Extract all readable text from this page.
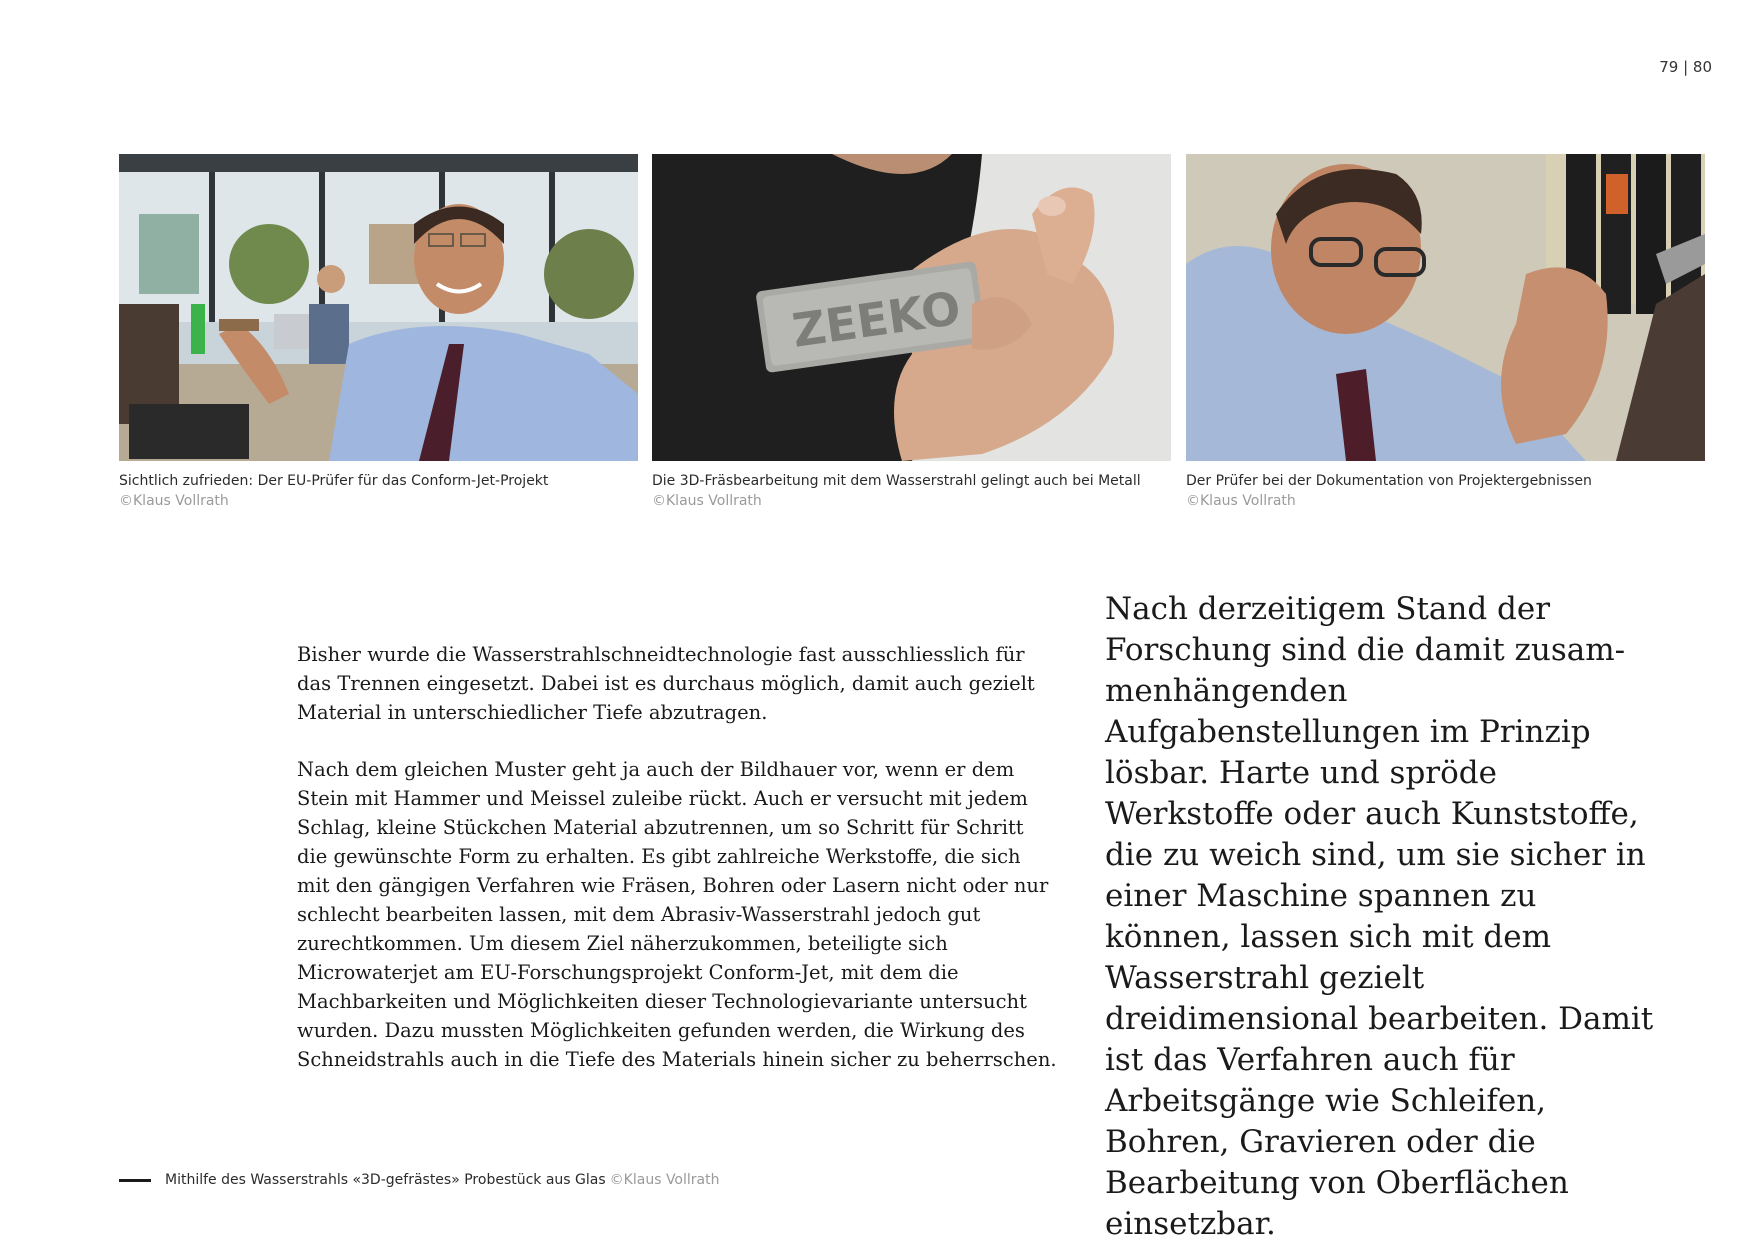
79 | 80
ZEEKO
Sichtlich zufrieden: Der EU-Prüfer für das Conform-Jet-Projekt
©Klaus Vollrath
Die 3D-Fräsbearbeitung mit dem Wasserstrahl gelingt auch bei Metall
©Klaus Vollrath
Der Prüfer bei der Dokumentation von Projektergebnissen
©Klaus Vollrath

Bisher wurde die Wasserstrahlschneidtechnologie fast ausschliesslich für das Trennen eingesetzt. Dabei ist es durchaus möglich, damit auch gezielt Material in unterschiedlicher Tiefe abzutragen.

Nach dem gleichen Muster geht ja auch der Bildhauer vor, wenn er dem Stein mit Hammer und Meissel zuleibe rückt. Auch er versucht mit jedem Schlag, kleine Stückchen Material abzutrennen, um so Schritt für Schritt die gewünschte Form zu erhalten. Es gibt zahlreiche Werkstoffe, die sich mit den gängigen Verfahren wie Fräsen, Bohren oder Lasern nicht oder nur schlecht bearbeiten lassen, mit dem Abrasiv-Wasserstrahl jedoch gut zurechtkommen. Um diesem Ziel näherzukommen, beteiligte sich Microwaterjet am EU-Forschungsprojekt Conform-Jet, mit dem die Machbarkeiten und Möglichkeiten dieser Technologievariante untersucht wurden. Dazu mussten Möglichkeiten gefunden werden, die Wirkung des Schneidstrahls auch in die Tiefe des Materials hinein sicher zu beherrschen.

Nach derzeitigem Stand der Forschung sind die damit zusammenhängenden Aufgabenstellungen im Prinzip lösbar. Harte und spröde Werkstoffe oder auch Kunststoffe, die zu weich sind, um sie sicher in einer Maschine spannen zu können, lassen sich mit dem Wasserstrahl gezielt dreidimensional bearbeiten. Damit ist das Verfahren auch für Arbeitsgänge wie Schleifen, Bohren, Gravieren oder die Bearbeitung von Oberflächen einsetzbar.
Mithilfe des Wasserstrahls «3D-gefrästes» Probestück aus Glas ©Klaus Vollrath
